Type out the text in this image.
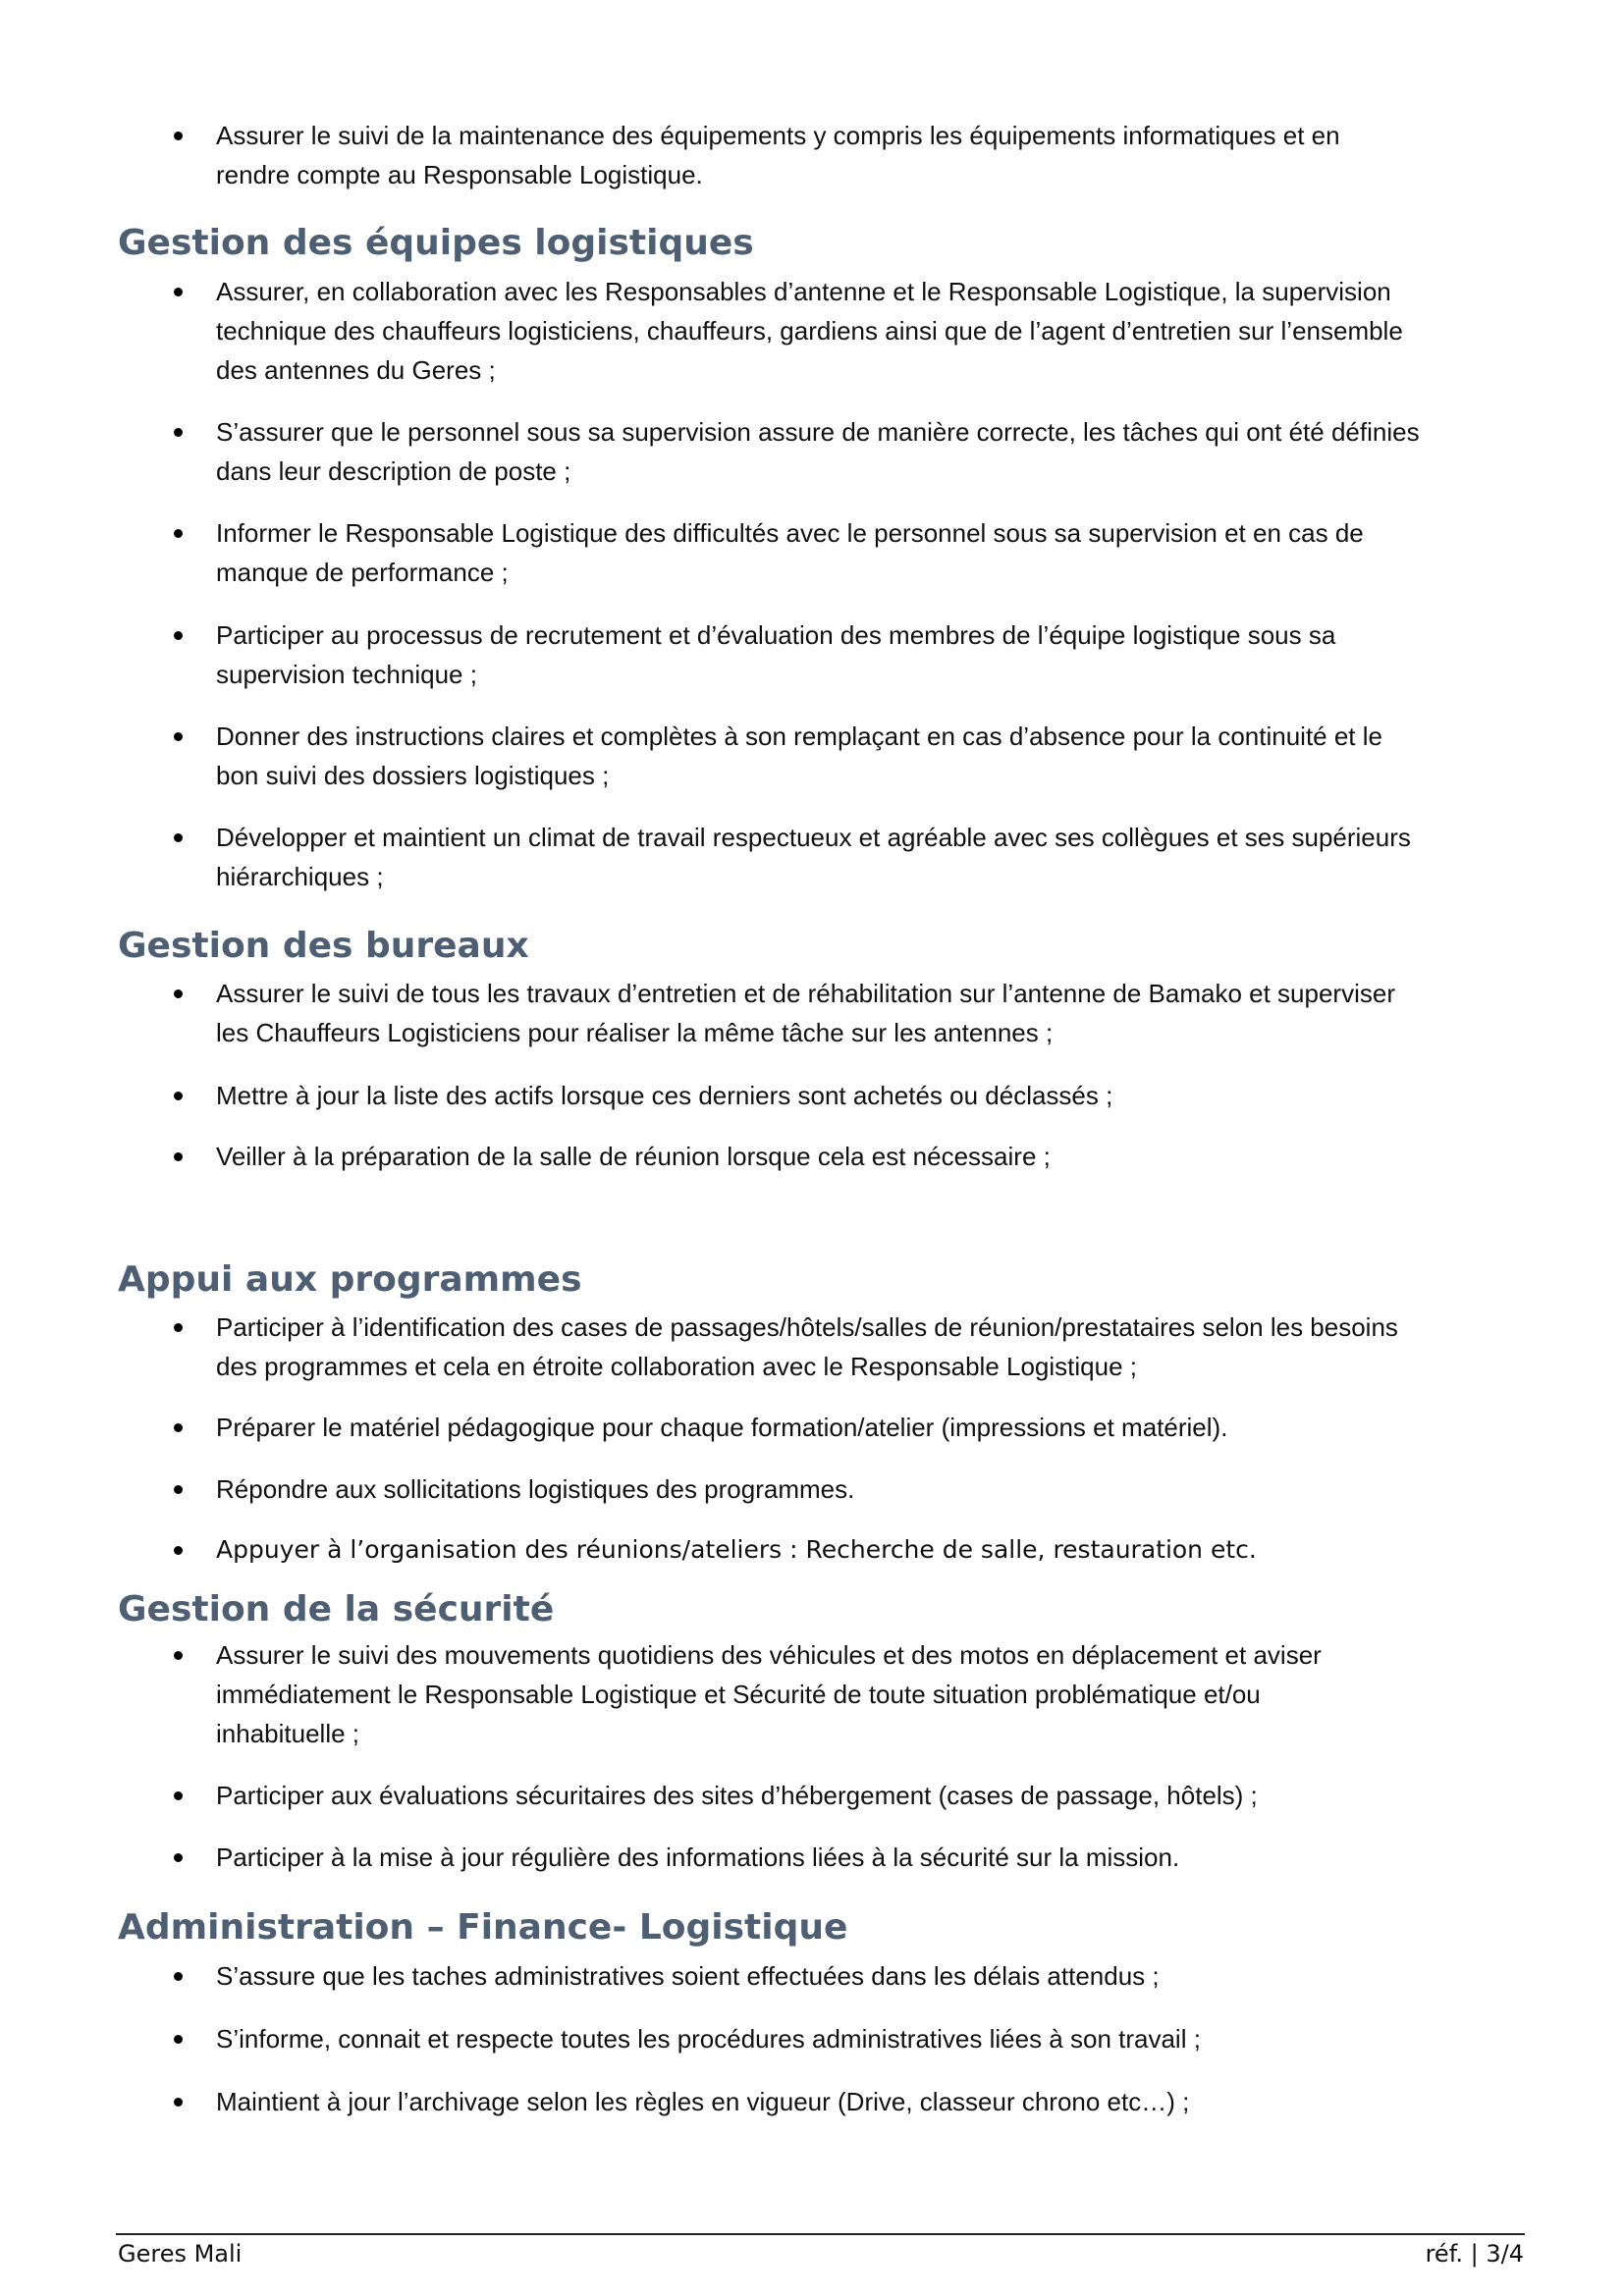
Assurer le suivi de la maintenance des équipements y compris les équipements informatiques et en
rendre compte au Responsable Logistique.
Gestion des équipes logistiques
Assurer, en collaboration avec les Responsables d’antenne et le Responsable Logistique, la supervision
technique des chauffeurs logisticiens, chauffeurs, gardiens ainsi que de l’agent d’entretien sur l’ensemble
des antennes du Geres ;
S’assurer que le personnel sous sa supervision assure de manière correcte, les tâches qui ont été définies
dans leur description de poste ;
Informer le Responsable Logistique des difficultés avec le personnel sous sa supervision et en cas de
manque de performance ;
Participer au processus de recrutement et d’évaluation des membres de l’équipe logistique sous sa
supervision technique ;
Donner des instructions claires et complètes à son remplaçant en cas d’absence pour la continuité et le
bon suivi des dossiers logistiques ;
Développer et maintient un climat de travail respectueux et agréable avec ses collègues et ses supérieurs
hiérarchiques ;
Gestion des bureaux
Assurer le suivi de tous les travaux d’entretien et de réhabilitation sur l’antenne de Bamako et superviser
les Chauffeurs Logisticiens pour réaliser la même tâche sur les antennes ;
Mettre à jour la liste des actifs lorsque ces derniers sont achetés ou déclassés ;
Veiller à la préparation de la salle de réunion lorsque cela est nécessaire ;
Appui aux programmes
Participer à l’identification des cases de passages/hôtels/salles de réunion/prestataires selon les besoins
des programmes et cela en étroite collaboration avec le Responsable Logistique ;
Préparer le matériel pédagogique pour chaque formation/atelier (impressions et matériel).
Répondre aux sollicitations logistiques des programmes.
Appuyer à l’organisation des réunions/ateliers : Recherche de salle, restauration etc.
Gestion de la sécurité
Assurer le suivi des mouvements quotidiens des véhicules et des motos en déplacement et aviser
immédiatement le Responsable Logistique et Sécurité de toute situation problématique et/ou
inhabituelle ;
Participer aux évaluations sécuritaires des sites d’hébergement (cases de passage, hôtels) ;
Participer à la mise à jour régulière des informations liées à la sécurité sur la mission.
Administration – Finance- Logistique
S’assure que les taches administratives soient effectuées dans les délais attendus ;
S’informe, connait et respecte toutes les procédures administratives liées à son travail ;
Maintient à jour l’archivage selon les règles en vigueur (Drive, classeur chrono etc…) ;
Geres Mali	réf. | 3/4
